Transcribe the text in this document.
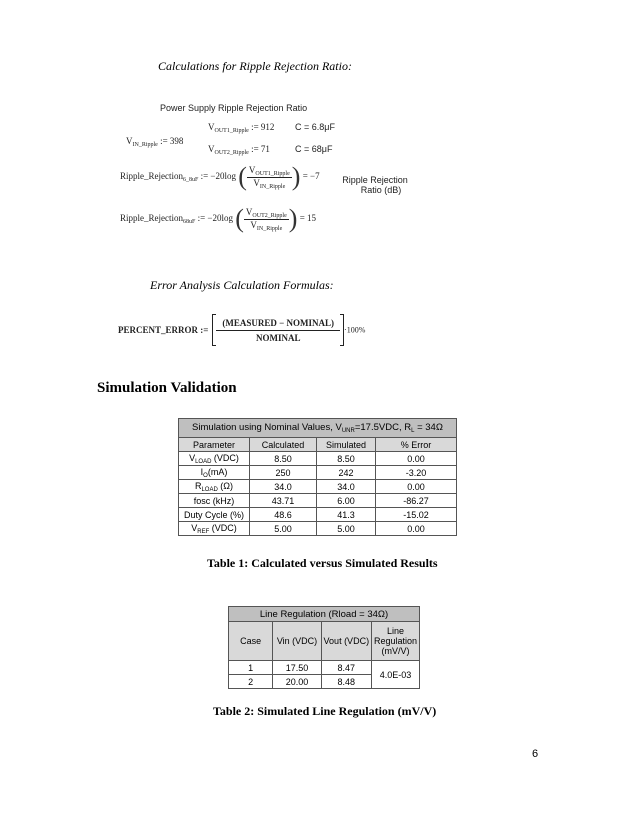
Calculations for Ripple Rejection Ratio:
Power Supply Ripple Rejection Ratio
$V_{OUT1\_Ripple}$ := 912 C = 6.8μF
$V_{IN\_Ripple}$ := 398
$V_{OUT2\_Ripple}$ := 71	C = 68μF
Ripple_Rejection$_{6\_8uF}$ := −20log ( $\frac{V_{OUT1\_Ripple}}{V_{IN\_Ripple}}$ ) = −7	Ripple Rejection
Ratio (dB)
Ripple_Rejection$_{68uF}$ := −20log ( $\frac{V_{OUT2\_Ripple}}{V_{IN\_Ripple}}$ ) = 15
Error Analysis Calculation Formulas:
PERCENT_ERROR := $\frac{\text{(MEASURED − NOMINAL)}}{\text{NOMINAL}} \cdot 100\%$
Simulation Validation
Simulation using Nominal Values, $V_{UNR}=17.5VDC$, $R_L = 34\Omega$			
Parameter	Calculated	Simulated	% Error
$V_{LOAD}$ (VDC)	8.50	8.50	0.00
$I_O(mA)$	250	242	-3.20
$R_{LOAD}$ (Ω)	34.0	34.0	0.00
fosc (kHz)	43.71	6.00	-86.27
Duty Cycle (%)	48.6	41.3	-15.02
$V_{REF}$ (VDC)	5.00	5.00	0.00
Table 1: Calculated versus Simulated Results
Line Regulation (Rload = 34Ω)			
Case	Vin (VDC)	Vout (VDC)	Line Regulation (mV/V)
1	17.50	8.47	4.0E-03
2	20.00	8.48	
Table 2: Simulated Line Regulation (mV/V)
6
